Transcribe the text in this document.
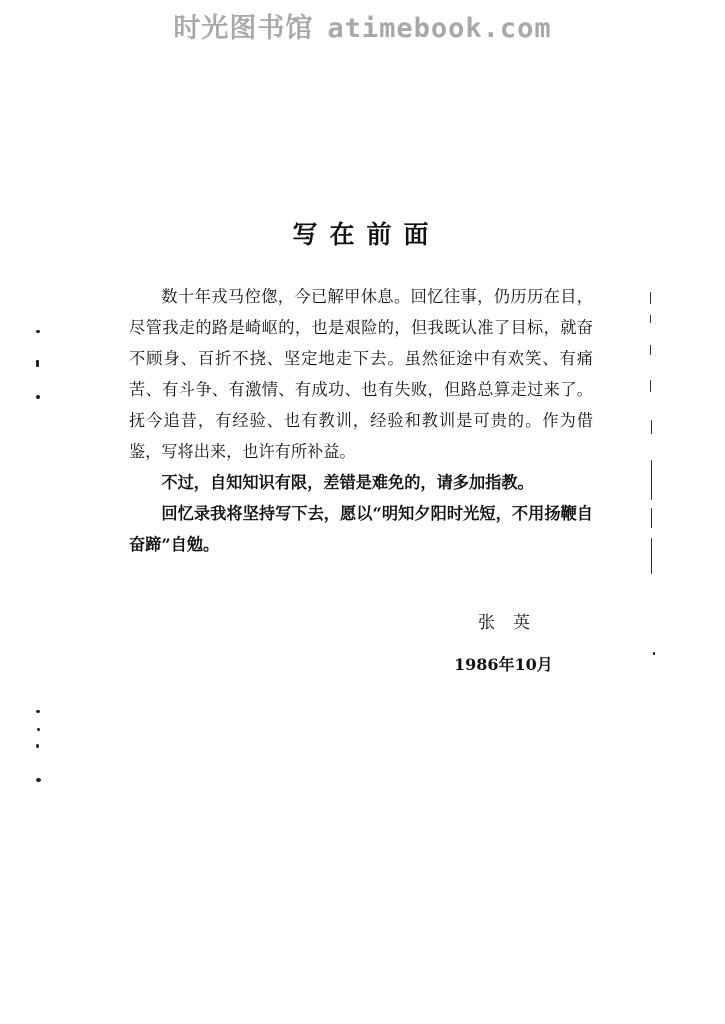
时光图书馆 atimebook.com
写在前面

数十年戎马倥偬，今已解甲休息。回忆往事，仍历历在目，尽管我走的路是崎岖的，也是艰险的，但我既认准了目标，就奋不顾身、百折不挠、坚定地走下去。虽然征途中有欢笑、有痛苦、有斗争、有激情、有成功、也有失败，但路总算走过来了。抚今追昔，有经验、也有教训，经验和教训是可贵的。作为借鉴，写将出来，也许有所补益。

不过，自知知识有限，差错是难免的，请多加指教。

回忆录我将坚持写下去，愿以“明知夕阳时光短，不用扬鞭自奋蹄”自勉。

张英
1986年10月
